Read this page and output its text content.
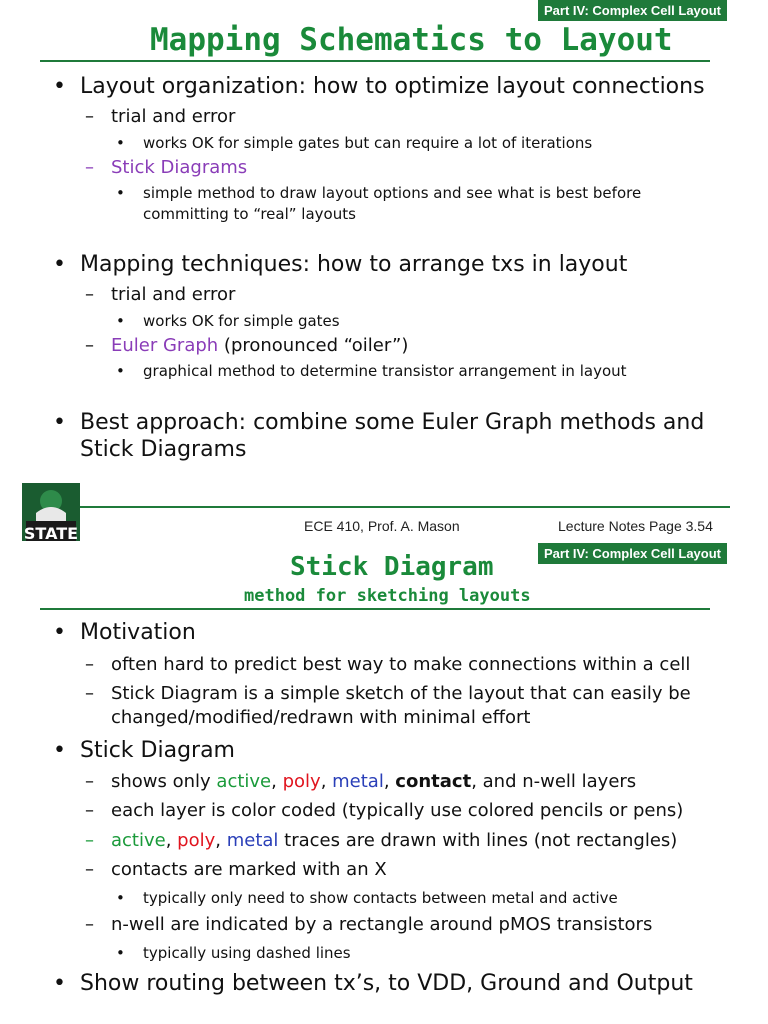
Part IV: Complex Cell Layout
Mapping Schematics to Layout
• Layout organization: how to optimize layout connections
– trial and error
• works OK for simple gates but can require a lot of iterations
– Stick Diagrams
• simple method to draw layout options and see what is best before
committing to “real” layouts
• Mapping techniques: how to arrange txs in layout
– trial and error
• works OK for simple gates
– Euler Graph (pronounced “oiler”)
• graphical method to determine transistor arrangement in layout
• Best approach: combine some Euler Graph methods and
Stick Diagrams
STATE	ECE 410, Prof. A. Mason	Lecture Notes Page 3.54
Part IV: Complex Cell Layout
Stick Diagram
method for sketching layouts
• Motivation
– often hard to predict best way to make connections within a cell
– Stick Diagram is a simple sketch of the layout that can easily be
changed/modified/redrawn with minimal effort
• Stick Diagram
– shows only active, poly, metal, contact, and n-well layers
– each layer is color coded (typically use colored pencils or pens)
– active, poly, metal traces are drawn with lines (not rectangles)
– contacts are marked with an X
• typically only need to show contacts between metal and active
– n-well are indicated by a rectangle around pMOS transistors
• typically using dashed lines
• Show routing between tx’s, to VDD, Ground and Output
